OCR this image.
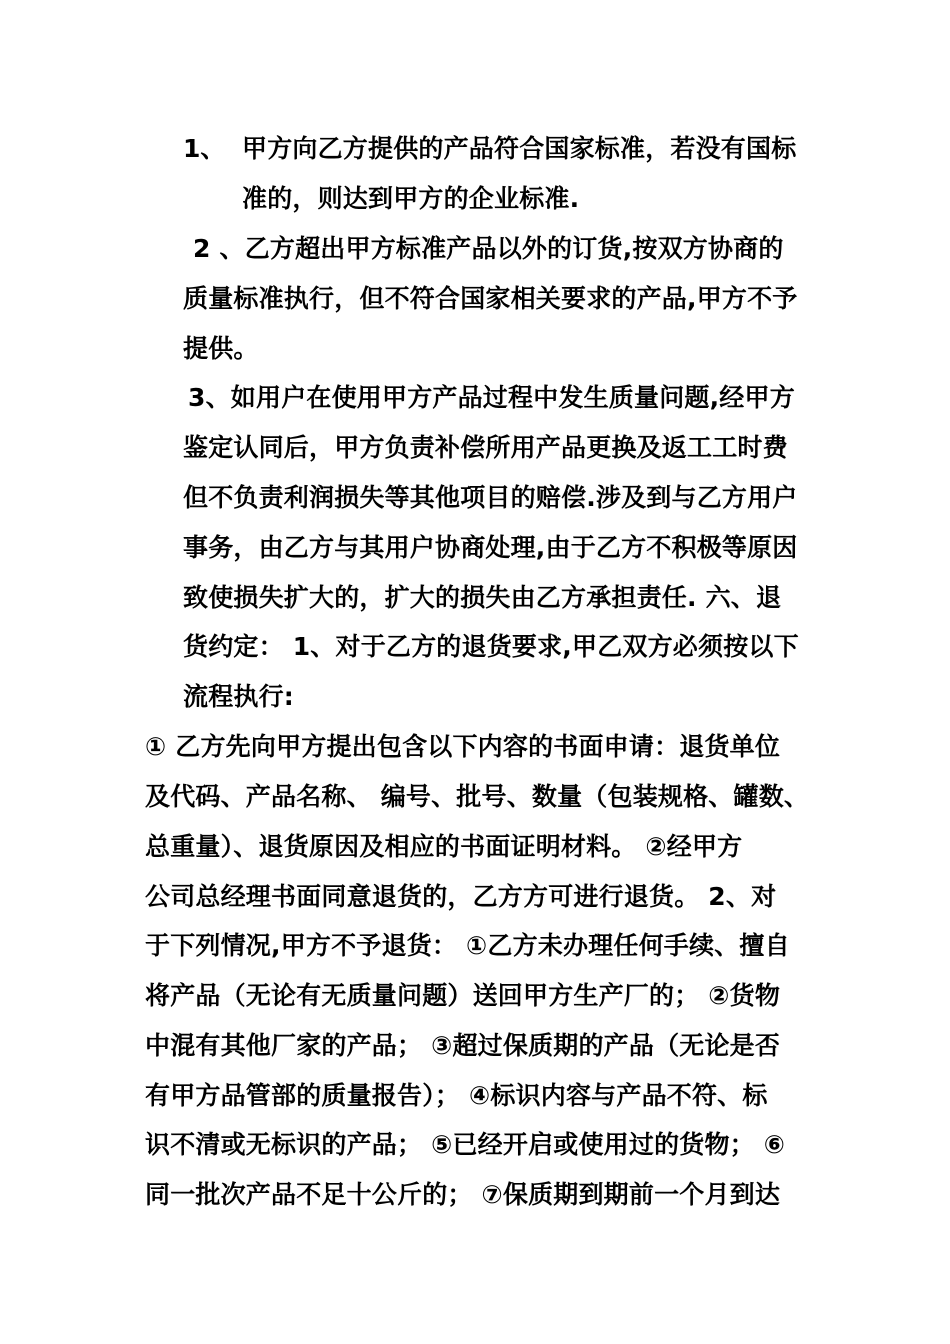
1、 甲方向乙方提供的产品符合国家标准，若没有国标
准的，则达到甲方的企业标准.
2 、乙方超出甲方标准产品以外的订货,按双方协商的
质量标准执行，但不符合国家相关要求的产品,甲方不予
提供。
3、如用户在使用甲方产品过程中发生质量问题,经甲方
鉴定认同后，甲方负责补偿所用产品更换及返工工时费
但不负责利润损失等其他项目的赔偿.涉及到与乙方用户
事务，由乙方与其用户协商处理,由于乙方不积极等原因
致使损失扩大的，扩大的损失由乙方承担责任. 六、退
货约定： 1、对于乙方的退货要求,甲乙双方必须按以下
流程执行:
① 乙方先向甲方提出包含以下内容的书面申请：退货单位
及代码、产品名称、 编号、批号、数量（包装规格、罐数、
总重量）、退货原因及相应的书面证明材料。 ②经甲方
公司总经理书面同意退货的，乙方方可进行退货。 2、对
于下列情况,甲方不予退货： ①乙方未办理任何手续、擅自
将产品（无论有无质量问题）送回甲方生产厂的； ②货物
中混有其他厂家的产品； ③超过保质期的产品（无论是否
有甲方品管部的质量报告）； ④标识内容与产品不符、标
识不清或无标识的产品； ⑤已经开启或使用过的货物； ⑥
同一批次产品不足十公斤的； ⑦保质期到期前一个月到达
